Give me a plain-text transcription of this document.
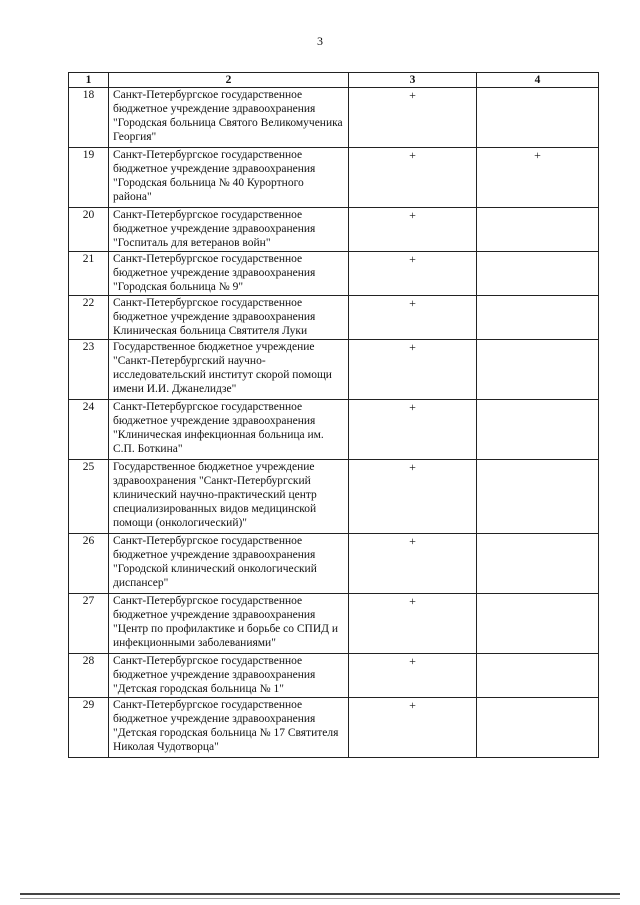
3
1	2	3	4
18	Санкт-Петербургское государственное бюджетное учреждение здравоохранения "Городская больница Святого Великомученика Георгия"	+	
19	Санкт-Петербургское государственное бюджетное учреждение здравоохранения "Городская больница № 40 Курортного района"	+	+
20	Санкт-Петербургское государственное бюджетное учреждение здравоохранения "Госпиталь для ветеранов войн"	+	
21	Санкт-Петербургское государственное бюджетное учреждение здравоохранения "Городская больница № 9"	+	
22	Санкт-Петербургское государственное бюджетное учреждение здравоохранения Клиническая больница Святителя Луки	+	
23	Государственное бюджетное учреждение "Санкт-Петербургский научно-исследовательский институт скорой помощи имени И.И. Джанелидзе"	+	
24	Санкт-Петербургское государственное бюджетное учреждение здравоохранения "Клиническая инфекционная больница им. С.П. Боткина"	+	
25	Государственное бюджетное учреждение здравоохранения "Санкт-Петербургский клинический научно-практический центр специализированных видов медицинской помощи (онкологический)"	+	
26	Санкт-Петербургское государственное бюджетное учреждение здравоохранения "Городской клинический онкологический диспансер"	+	
27	Санкт-Петербургское государственное бюджетное учреждение здравоохранения "Центр по профилактике и борьбе со СПИД и инфекционными заболеваниями"	+	
28	Санкт-Петербургское государственное бюджетное учреждение здравоохранения "Детская городская больница № 1"	+	
29	Санкт-Петербургское государственное бюджетное учреждение здравоохранения "Детская городская больница № 17 Святителя Николая Чудотворца"	+	
